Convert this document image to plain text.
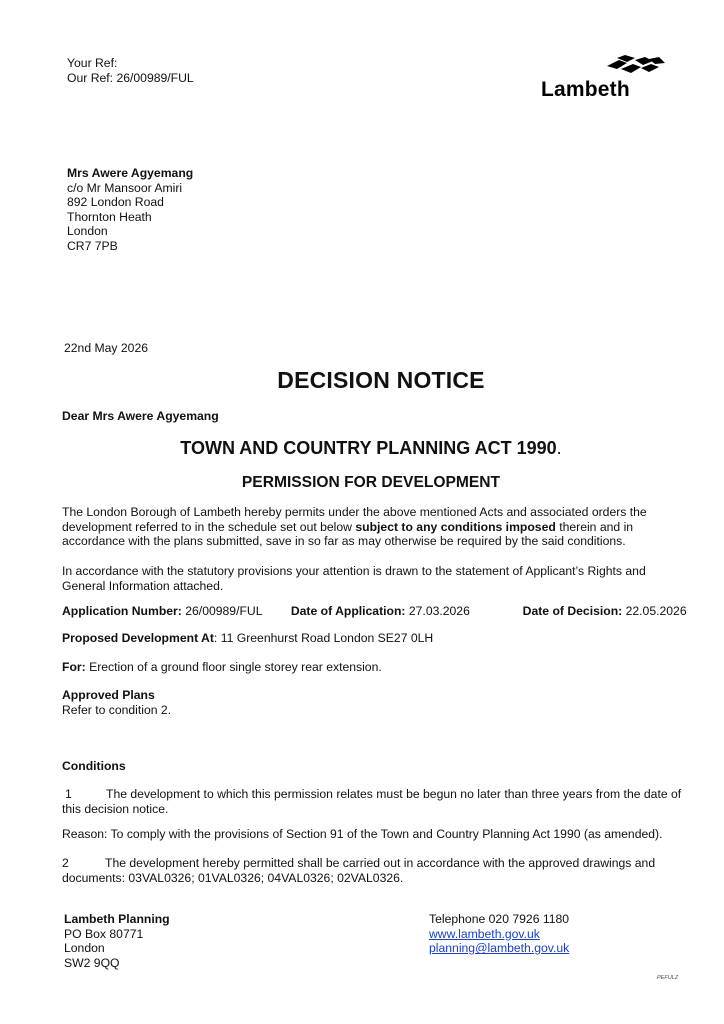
Your Ref:
Our Ref: 26/00989/FUL
Lambeth
Mrs Awere Agyemang
c/o Mr Mansoor Amiri
892 London Road
Thornton Heath
London
CR7 7PB
22nd May 2026
DECISION NOTICE
Dear Mrs Awere Agyemang
TOWN AND COUNTRY PLANNING ACT 1990.
PERMISSION FOR DEVELOPMENT
The London Borough of Lambeth hereby permits under the above mentioned Acts and associated orders the development referred to in the schedule set out below subject to any conditions imposed therein and in accordance with the plans submitted, save in so far as may otherwise be required by the said conditions.
In accordance with the statutory provisions your attention is drawn to the statement of Applicant’s Rights and General Information attached.
Application Number: 26/00989/FUL Date of Application: 27.03.2026	Date of Decision: 22.05.2026
Proposed Development At: 11 Greenhurst Road London SE27 0LH
For: Erection of a ground floor single storey rear extension.
Approved Plans
Refer to condition 2.
Conditions
1	The development to which this permission relates must be begun no later than three years from the date of this decision notice.
Reason: To comply with the provisions of Section 91 of the Town and Country Planning Act 1990 (as amended).
2	The development hereby permitted shall be carried out in accordance with the approved drawings and documents: 03VAL0326; 01VAL0326; 04VAL0326; 02VAL0326.
Lambeth Planning
PO Box 80771
London
SW2 9QQ
Telephone 020 7926 1180
www.lambeth.gov.uk
planning@lambeth.gov.uk
PEFULZ
